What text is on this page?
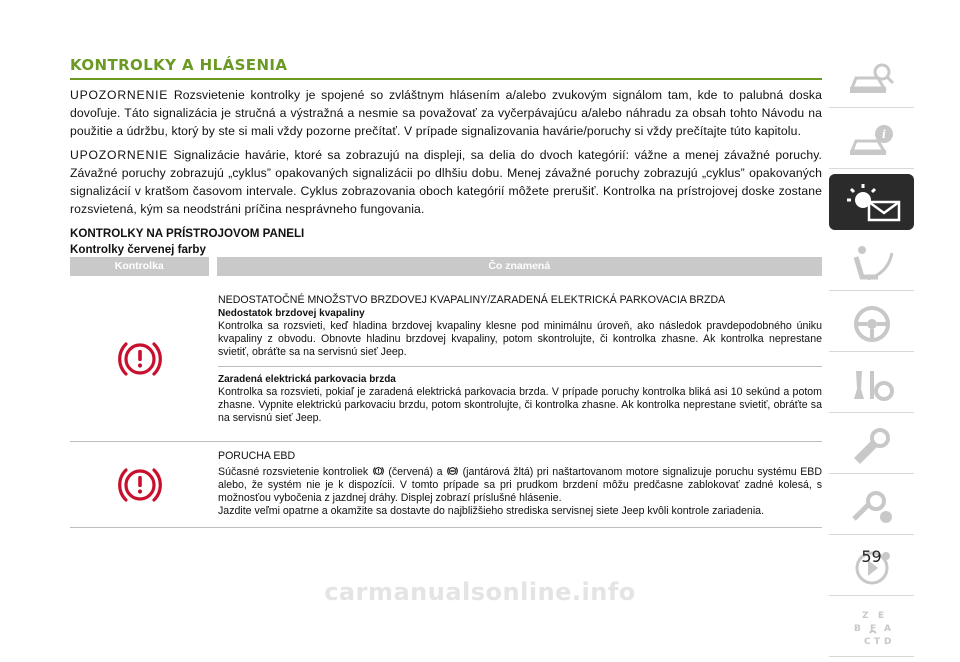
KONTROLKY A HLÁSENIA

UPOZORNENIE Rozsvietenie kontrolky je spojené so zvláštnym hlásením a/alebo zvukovým signálom tam, kde to palubná doska dovoľuje. Táto signalizácia je stručná a výstražná a nesmie sa považovať za vyčerpávajúcu a/alebo náhradu za obsah tohto Návodu na použitie a údržbu, ktorý by ste si mali vždy pozorne prečítať. V prípade signalizovania havárie/poruchy si vždy prečítajte túto kapitolu.

UPOZORNENIE Signalizácie havárie, ktoré sa zobrazujú na displeji, sa delia do dvoch kategórií: vážne a menej závažné poruchy. Závažné poruchy zobrazujú „cyklus” opakovaných signalizácii po dlhšiu dobu. Menej závažné poruchy zobrazujú „cyklus” opakovaných signalizácií v kratšom časovom intervale. Cyklus zobrazovania oboch kategórií môžete prerušiť. Kontrolka na prístrojovej doske zostane rozsvietená, kým sa neodstráni príčina nesprávneho fungovania.

KONTROLKY NA PRÍSTROJOVOM PANELI
Kontrolky červenej farby
Kontrolka	Čo znamená
NEDOSTATOČNÉ MNOŽSTVO BRZDOVEJ KVAPALINY/ZARADENÁ ELEKTRICKÁ PARKOVACIA BRZDA
Nedostatok brzdovej kvapaliny
Kontrolka sa rozsvieti, keď hladina brzdovej kvapaliny klesne pod minimálnu úroveň, ako následok pravdepodobného úniku kvapaliny z obvodu. Obnovte hladinu brzdovej kvapaliny, potom skontrolujte, či kontrolka zhasne. Ak kontrolka neprestane svietiť, obráťte sa na servisnú sieť Jeep.
Zaradená elektrická parkovacia brzda
Kontrolka sa rozsvieti, pokiaľ je zaradená elektrická parkovacia brzda. V prípade poruchy kontrolka bliká asi 10 sekúnd a potom zhasne. Vypnite elektrickú parkovaciu brzdu, potom skontrolujte, či kontrolka zhasne. Ak kontrolka neprestane svietiť, obráťte sa na servisnú sieť Jeep.
PORUCHA EBD
Súčasné rozsvietenie kontroliek (červená) a (jantárová žltá) pri naštartovanom motore signalizuje poruchu systému EBD alebo, že systém nie je k dispozícii. V tomto prípade sa pri prudkom brzdení môžu predčasne zablokovať zadné kolesá, s možnosťou vybočenia z jazdnej dráhy. Displej zobrazí príslušné hlásenie.
Jazdite veľmi opatrne a okamžite sa dostavte do najbližšieho strediska servisnej siete Jeep kvôli kontrole zariadenia.
i
Z E
B F A
C T D
59
carmanualsonline.info
